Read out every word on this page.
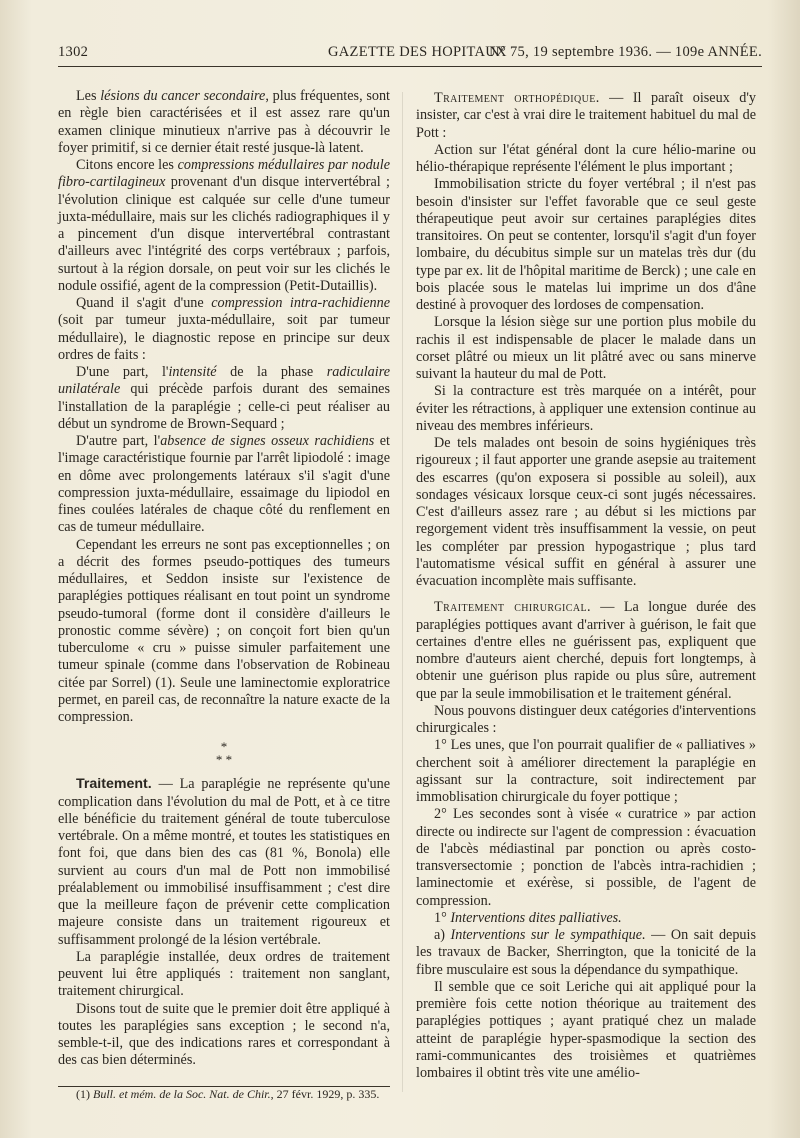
1302	GAZETTE DES HOPITAUX
N° 75, 19 septembre 1936. — 109e ANNÉE.

Les lésions du cancer secondaire, plus fréquentes, sont en règle bien caractérisées et il est assez rare qu'un examen clinique minutieux n'arrive pas à découvrir le foyer primitif, si ce dernier était resté jusque-là latent.

Citons encore les compressions médullaires par nodule fibro-cartilagineux provenant d'un disque intervertébral ; l'évolution clinique est calquée sur celle d'une tumeur juxta-médullaire, mais sur les clichés radiographiques il y a pincement d'un disque intervertébral contrastant d'ailleurs avec l'intégrité des corps vertébraux ; parfois, surtout à la région dorsale, on peut voir sur les clichés le nodule ossifié, agent de la compression (Petit-Dutaillis).

Quand il s'agit d'une compression intra-rachidienne (soit par tumeur juxta-médullaire, soit par tumeur médullaire), le diagnostic repose en principe sur deux ordres de faits :

D'une part, l'intensité de la phase radiculaire unilatérale qui précède parfois durant des semaines l'installation de la paraplégie ; celle-ci peut réaliser au début un syndrome de Brown-Sequard ;

D'autre part, l'absence de signes osseux rachidiens et l'image caractéristique fournie par l'arrêt lipiodolé : image en dôme avec prolongements latéraux s'il s'agit d'une compression juxta-médullaire, essaimage du lipiodol en fines coulées latérales de chaque côté du renflement en cas de tumeur médullaire.

Cependant les erreurs ne sont pas exceptionnelles ; on a décrit des formes pseudo-pottiques des tumeurs médullaires, et Seddon insiste sur l'existence de paraplégies pottiques réalisant en tout point un syndrome pseudo-tumoral (forme dont il considère d'ailleurs le pronostic comme sévère) ; on conçoit fort bien qu'un tuberculome « cru » puisse simuler parfaitement une tumeur spinale (comme dans l'observation de Robineau citée par Sorrel) (1). Seule une laminectomie exploratrice permet, en pareil cas, de reconnaître la nature exacte de la compression.

*
* *

Traitement. — La paraplégie ne représente qu'une complication dans l'évolution du mal de Pott, et à ce titre elle bénéficie du traitement général de toute tuberculose vertébrale. On a même montré, et toutes les statistiques en font foi, que dans bien des cas (81 %, Bonola) elle survient au cours d'un mal de Pott non immobilisé préalablement ou immobilisé insuffisamment ; c'est dire que la meilleure façon de prévenir cette complication majeure consiste dans un traitement rigoureux et suffisamment prolongé de la lésion vertébrale.

La paraplégie installée, deux ordres de traitement peuvent lui être appliqués : traitement non sanglant, traitement chirurgical.

Disons tout de suite que le premier doit être appliqué à toutes les paraplégies sans exception ; le second n'a, semble-t-il, que des indications rares et correspondant à des cas bien déterminés.

(1) Bull. et mém. de la Soc. Nat. de Chir., 27 févr. 1929, p. 335.

Traitement orthopédique. — Il paraît oiseux d'y insister, car c'est à vrai dire le traitement habituel du mal de Pott :

Action sur l'état général dont la cure hélio-marine ou hélio-thérapique représente l'élément le plus important ;

Immobilisation stricte du foyer vertébral ; il n'est pas besoin d'insister sur l'effet favorable que ce seul geste thérapeutique peut avoir sur certaines paraplégies dites transitoires. On peut se contenter, lorsqu'il s'agit d'un foyer lombaire, du décubitus simple sur un matelas très dur (du type par ex. lit de l'hôpital maritime de Berck) ; une cale en bois placée sous le matelas lui imprime un dos d'âne destiné à provoquer des lordoses de compensation.

Lorsque la lésion siège sur une portion plus mobile du rachis il est indispensable de placer le malade dans un corset plâtré ou mieux un lit plâtré avec ou sans minerve suivant la hauteur du mal de Pott.

Si la contracture est très marquée on a intérêt, pour éviter les rétractions, à appliquer une extension continue au niveau des membres inférieurs.

De tels malades ont besoin de soins hygiéniques très rigoureux ; il faut apporter une grande asepsie au traitement des escarres (qu'on exposera si possible au soleil), aux sondages vésicaux lorsque ceux-ci sont jugés nécessaires. C'est d'ailleurs assez rare ; au début si les mictions par regorgement vident très insuffisamment la vessie, on peut les compléter par pression hypogastrique ; plus tard l'automatisme vésical suffit en général à assurer une évacuation incomplète mais suffisante.

Traitement chirurgical. — La longue durée des paraplégies pottiques avant d'arriver à guérison, le fait que certaines d'entre elles ne guérissent pas, expliquent que nombre d'auteurs aient cherché, depuis fort longtemps, à obtenir une guérison plus rapide ou plus sûre, autrement que par la seule immobilisation et le traitement général.

Nous pouvons distinguer deux catégories d'interventions chirurgicales :

1° Les unes, que l'on pourrait qualifier de « palliatives » cherchent soit à améliorer directement la paraplégie en agissant sur la contracture, soit indirectement par immoblisation chirurgicale du foyer pottique ;

2° Les secondes sont à visée « curatrice » par action directe ou indirecte sur l'agent de compression : évacuation de l'abcès médiastinal par ponction ou après costo-transversectomie ; ponction de l'abcès intra-rachidien ; laminectomie et exérèse, si possible, de l'agent de compression.

1° Interventions dites palliatives.

a) Interventions sur le sympathique. — On sait depuis les travaux de Backer, Sherrington, que la tonicité de la fibre musculaire est sous la dépendance du sympathique.

Il semble que ce soit Leriche qui ait appliqué pour la première fois cette notion théorique au traitement des paraplégies pottiques ; ayant pratiqué chez un malade atteint de paraplégie hyper-spasmodique la section des rami-communicantes des troisièmes et quatrièmes lombaires il obtint très vite une amélio-
